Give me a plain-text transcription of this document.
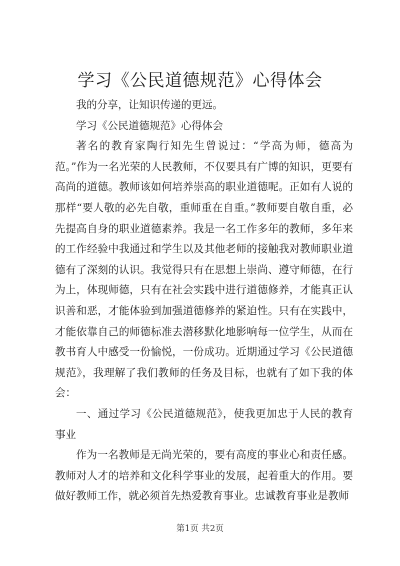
学习《公民道德规范》心得体会

我的分享，让知识传递的更远。

学习《公民道德规范》心得体会

著名的教育家陶行知先生曾说过：“学高为师，德高为范。”作为一名光荣的人民教师，不仅要具有广博的知识，更要有高尚的道德。教师该如何培养崇高的职业道德呢。正如有人说的那样“要人敬的必先自敬，重师重在自重。”教师要自敬自重，必先提高自身的职业道德素养。我是一名工作多年的教师，多年来的工作经验中我通过和学生以及其他老师的接触我对教师职业道德有了深刻的认识。我觉得只有在思想上崇尚、遵守师德，在行为上，体现师德，只有在社会实践中进行道德修养，才能真正认识善和恶，才能体验到加强道德修养的紧迫性。只有在实践中，才能依靠自己的师德标准去潜移默化地影响每一位学生，从而在教书育人中感受一份愉悦，一份成功。近期通过学习《公民道德规范》，我理解了我们教师的任务及目标，也就有了如下我的体会：

一、通过学习《公民道德规范》，使我更加忠于人民的教育事业

作为一名教师是无尚光荣的，要有高度的事业心和责任感。教师对人才的培养和文化科学事业的发展，起着重大的作用。要做好教师工作，就必须首先热爱教育事业。忠诚教育事业是教师

第1页 共2页
